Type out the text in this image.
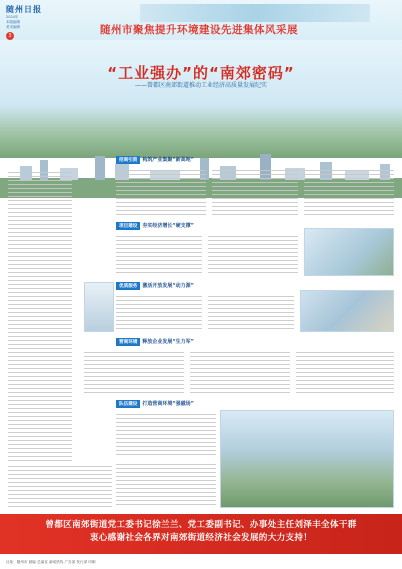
随州日报
2024年
本版编辑
美术编辑
3	随州市聚焦提升环境建设先进集体风采展
“工业强办”的“南郊密码”
——曾都区南郊街道推动工业经济高质量发展纪实
招商引资 构筑产业集聚“新高地”
项目建设 夯实经济增长“硬支撑”
优质服务 激活开放发展“动力源”
营商环境 释放企业发展“生力军”
队伍建设 打造营商环境“强磁场”
曾都区南郊街道党工委书记徐兰兰、党工委副书记、办事处主任刘泽丰全体干群
衷心感谢社会各界对南郊街道经济社会发展的大力支持！
社址：随州市 邮编 总编室 新闻热线 广告部 发行部 印刷
